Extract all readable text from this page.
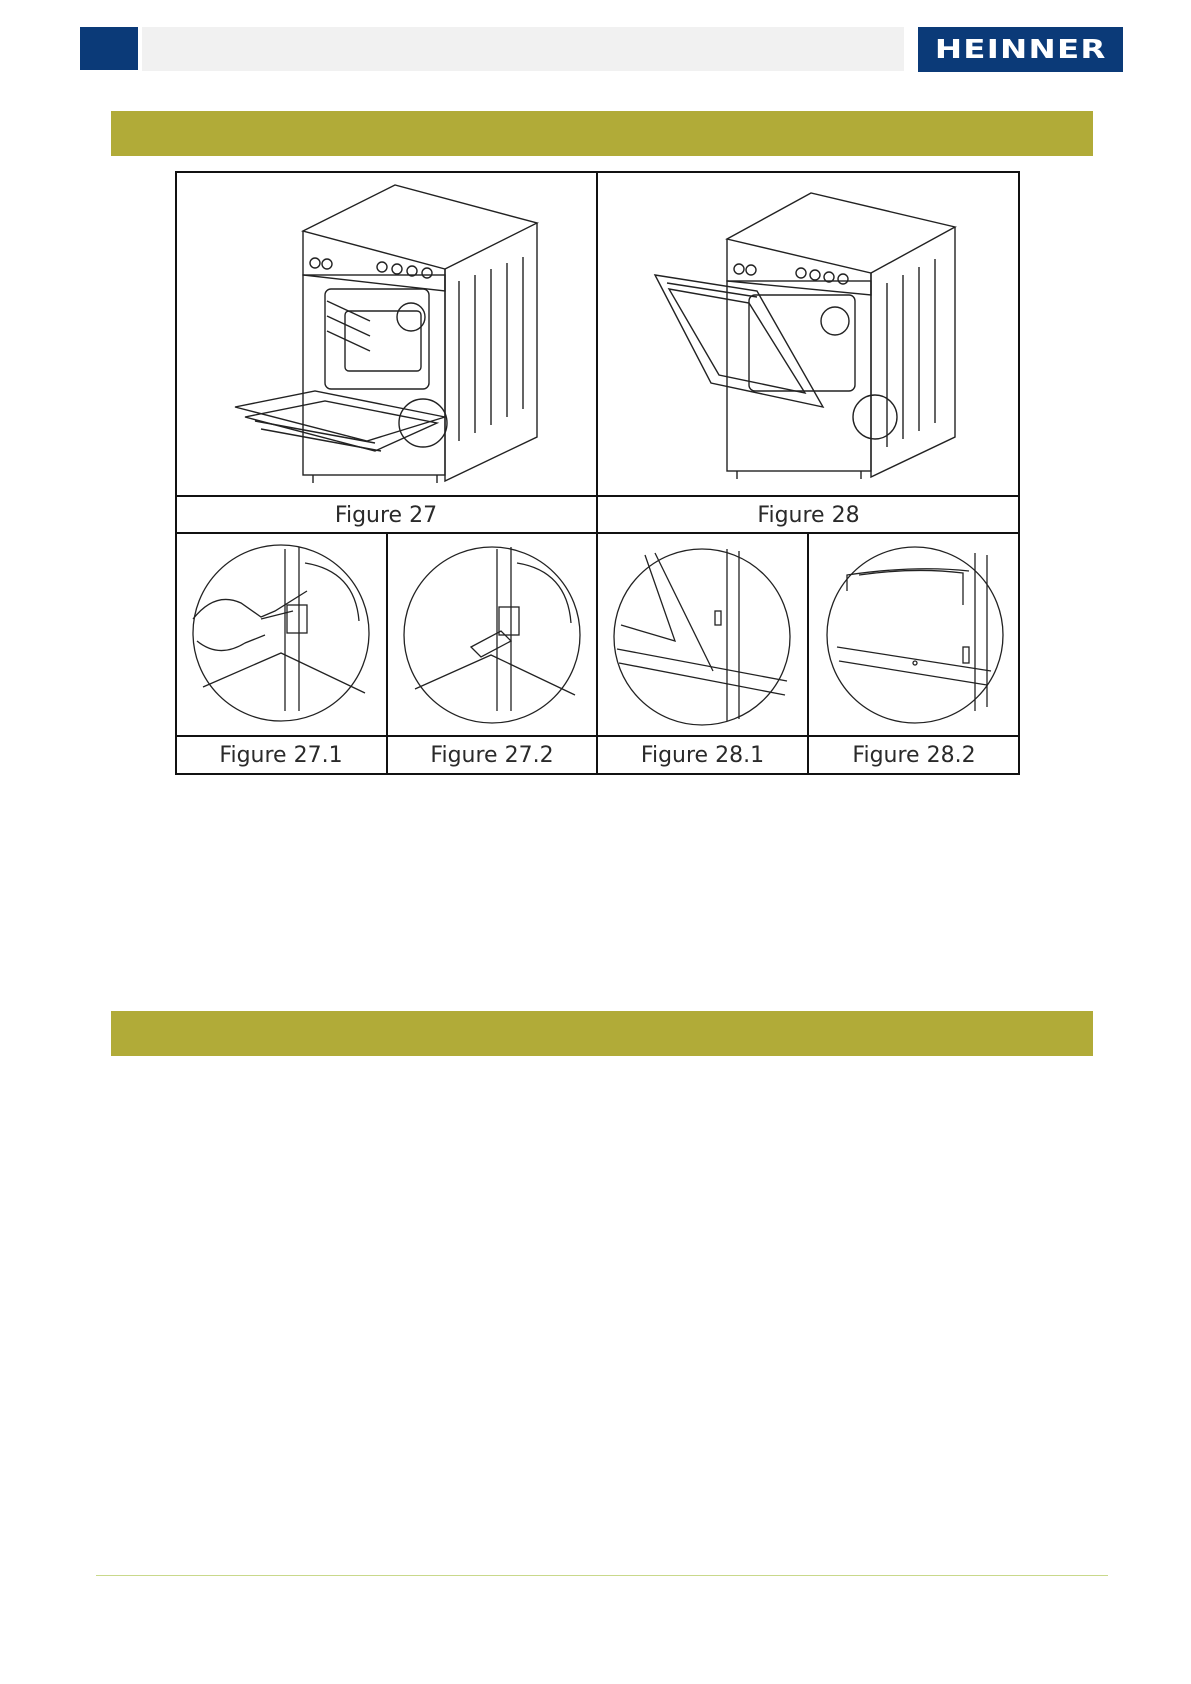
HEINNER
Figure 27	Figure 28
Figure 27.1	Figure 27.2	Figure 28.1	Figure 28.2
